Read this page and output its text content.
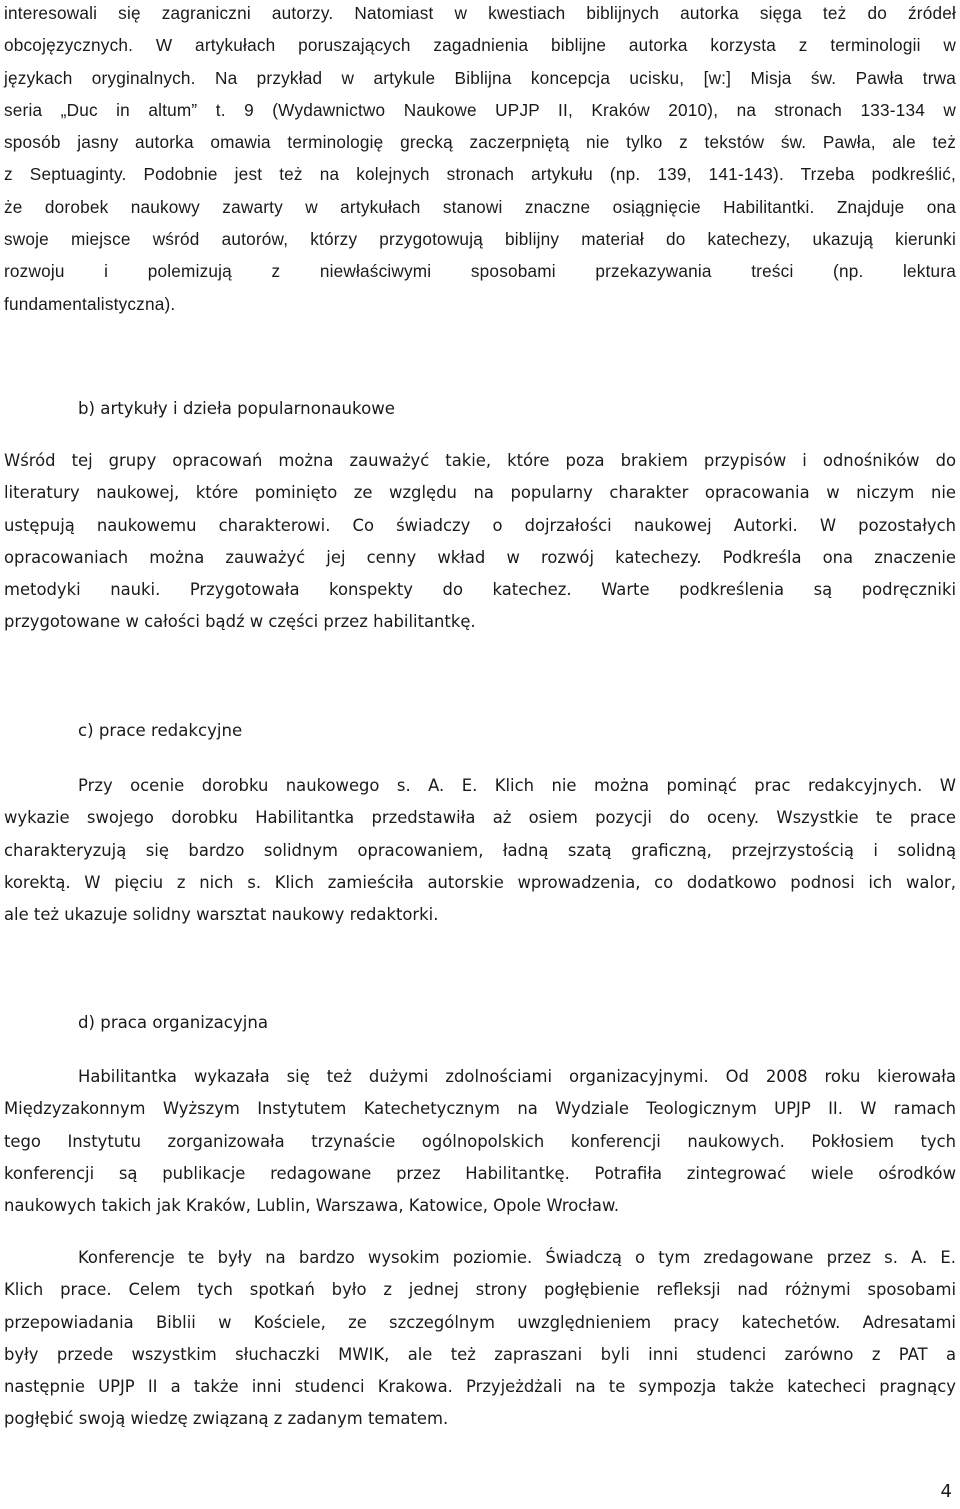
interesowali się zagraniczni autorzy. Natomiast w kwestiach biblijnych autorka sięga też do źródeł
obcojęzycznych. W artykułach poruszających zagadnienia biblijne autorka korzysta z terminologii w
językach oryginalnych. Na przykład w artykule Biblijna koncepcja ucisku, [w:] Misja św. Pawła trwa
seria „Duc in altum” t. 9 (Wydawnictwo Naukowe UPJP II, Kraków 2010), na stronach 133-134 w
sposób jasny autorka omawia terminologię grecką zaczerpniętą nie tylko z tekstów św. Pawła, ale też
z Septuaginty. Podobnie jest też na kolejnych stronach artykułu (np. 139, 141-143). Trzeba podkreślić,
że dorobek naukowy zawarty w artykułach stanowi znaczne osiągnięcie Habilitantki. Znajduje ona
swoje miejsce wśród autorów, którzy przygotowują biblijny materiał do katechezy, ukazują kierunki
rozwoju i polemizują z niewłaściwymi sposobami przekazywania treści (np. lektura
fundamentalistyczna).
b) artykuły i dzieła popularnonaukowe
Wśród tej grupy opracowań można zauważyć takie, które poza brakiem przypisów i odnośników do
literatury naukowej, które pominięto ze względu na popularny charakter opracowania w niczym nie
ustępują naukowemu charakterowi. Co świadczy o dojrzałości naukowej Autorki. W pozostałych
opracowaniach można zauważyć jej cenny wkład w rozwój katechezy. Podkreśla ona znaczenie
metodyki nauki. Przygotowała konspekty do katechez. Warte podkreślenia są podręczniki
przygotowane w całości bądź w części przez habilitantkę.
c) prace redakcyjne
Przy ocenie dorobku naukowego s. A. E. Klich nie można pominąć prac redakcyjnych. W
wykazie swojego dorobku Habilitantka przedstawiła aż osiem pozycji do oceny. Wszystkie te prace
charakteryzują się bardzo solidnym opracowaniem, ładną szatą graficzną, przejrzystością i solidną
korektą. W pięciu z nich s. Klich zamieściła autorskie wprowadzenia, co dodatkowo podnosi ich walor,
ale też ukazuje solidny warsztat naukowy redaktorki.
d) praca organizacyjna
Habilitantka wykazała się też dużymi zdolnościami organizacyjnymi. Od 2008 roku kierowała
Międzyzakonnym Wyższym Instytutem Katechetycznym na Wydziale Teologicznym UPJP II. W ramach
tego Instytutu zorganizowała trzynaście ogólnopolskich konferencji naukowych. Pokłosiem tych
konferencji są publikacje redagowane przez Habilitantkę. Potrafiła zintegrować wiele ośrodków
naukowych takich jak Kraków, Lublin, Warszawa, Katowice, Opole Wrocław.
Konferencje te były na bardzo wysokim poziomie. Świadczą o tym zredagowane przez s. A. E.
Klich prace. Celem tych spotkań było z jednej strony pogłębienie refleksji nad różnymi sposobami
przepowiadania Biblii w Kościele, ze szczególnym uwzględnieniem pracy katechetów. Adresatami
były przede wszystkim słuchaczki MWIK, ale też zapraszani byli inni studenci zarówno z PAT a
następnie UPJP II a także inni studenci Krakowa. Przyjeżdżali na te sympozja także katecheci pragnący
pogłębić swoją wiedzę związaną z zadanym tematem.
4
